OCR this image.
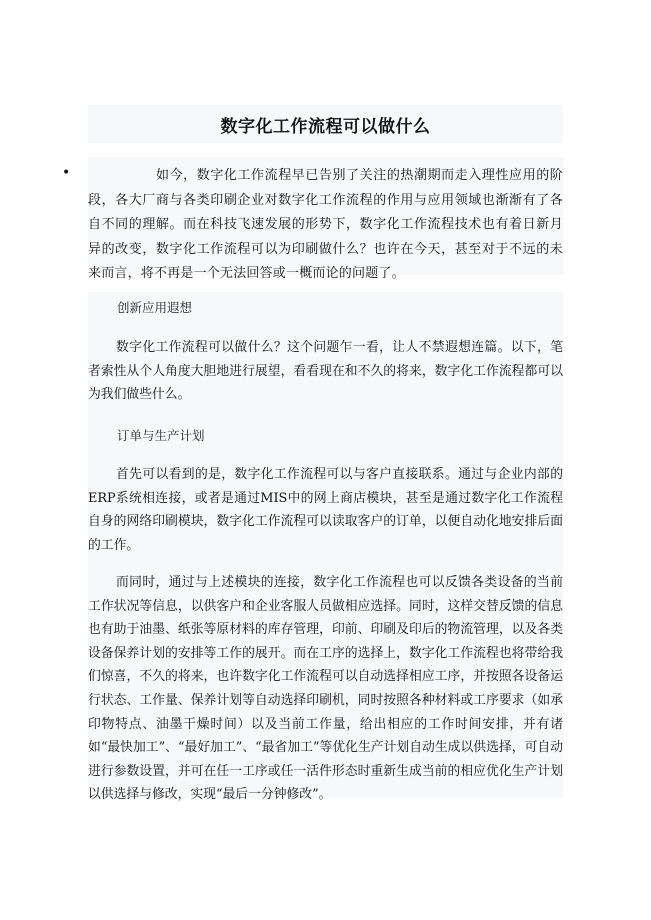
数字化工作流程可以做什么
•	如今，数字化工作流程早已告别了关注的热潮期而走入理性应用的阶段，各大厂商与各类印刷企业对数字化工作流程的作用与应用领域也渐渐有了各自不同的理解。而在科技飞速发展的形势下，数字化工作流程技术也有着日新月异的改变，数字化工作流程可以为印刷做什么？也许在今天，甚至对于不远的未来而言，将不再是一个无法回答或一概而论的问题了。

创新应用遐想

数字化工作流程可以做什么？这个问题乍一看，让人不禁遐想连篇。以下，笔者索性从个人角度大胆地进行展望，看看现在和不久的将来，数字化工作流程都可以为我们做些什么。

订单与生产计划

首先可以看到的是，数字化工作流程可以与客户直接联系。通过与企业内部的ERP系统相连接，或者是通过MIS中的网上商店模块，甚至是通过数字化工作流程自身的网络印刷模块，数字化工作流程可以读取客户的订单，以便自动化地安排后面的工作。

而同时，通过与上述模块的连接，数字化工作流程也可以反馈各类设备的当前工作状况等信息，以供客户和企业客服人员做相应选择。同时，这样交替反馈的信息也有助于油墨、纸张等原材料的库存管理，印前、印刷及印后的物流管理，以及各类设备保养计划的安排等工作的展开。而在工序的选择上，数字化工作流程也将带给我们惊喜，不久的将来，也许数字化工作流程可以自动选择相应工序，并按照各设备运行状态、工作量、保养计划等自动选择印刷机，同时按照各种材料或工序要求（如承印物特点、油墨干燥时间）以及当前工作量，给出相应的工作时间安排，并有诸如“最快加工”、“最好加工”、“最省加工”等优化生产计划自动生成以供选择，可自动进行参数设置，并可在任一工序或任一活件形态时重新生成当前的相应优化生产计划以供选择与修改，实现“最后一分钟修改”。
